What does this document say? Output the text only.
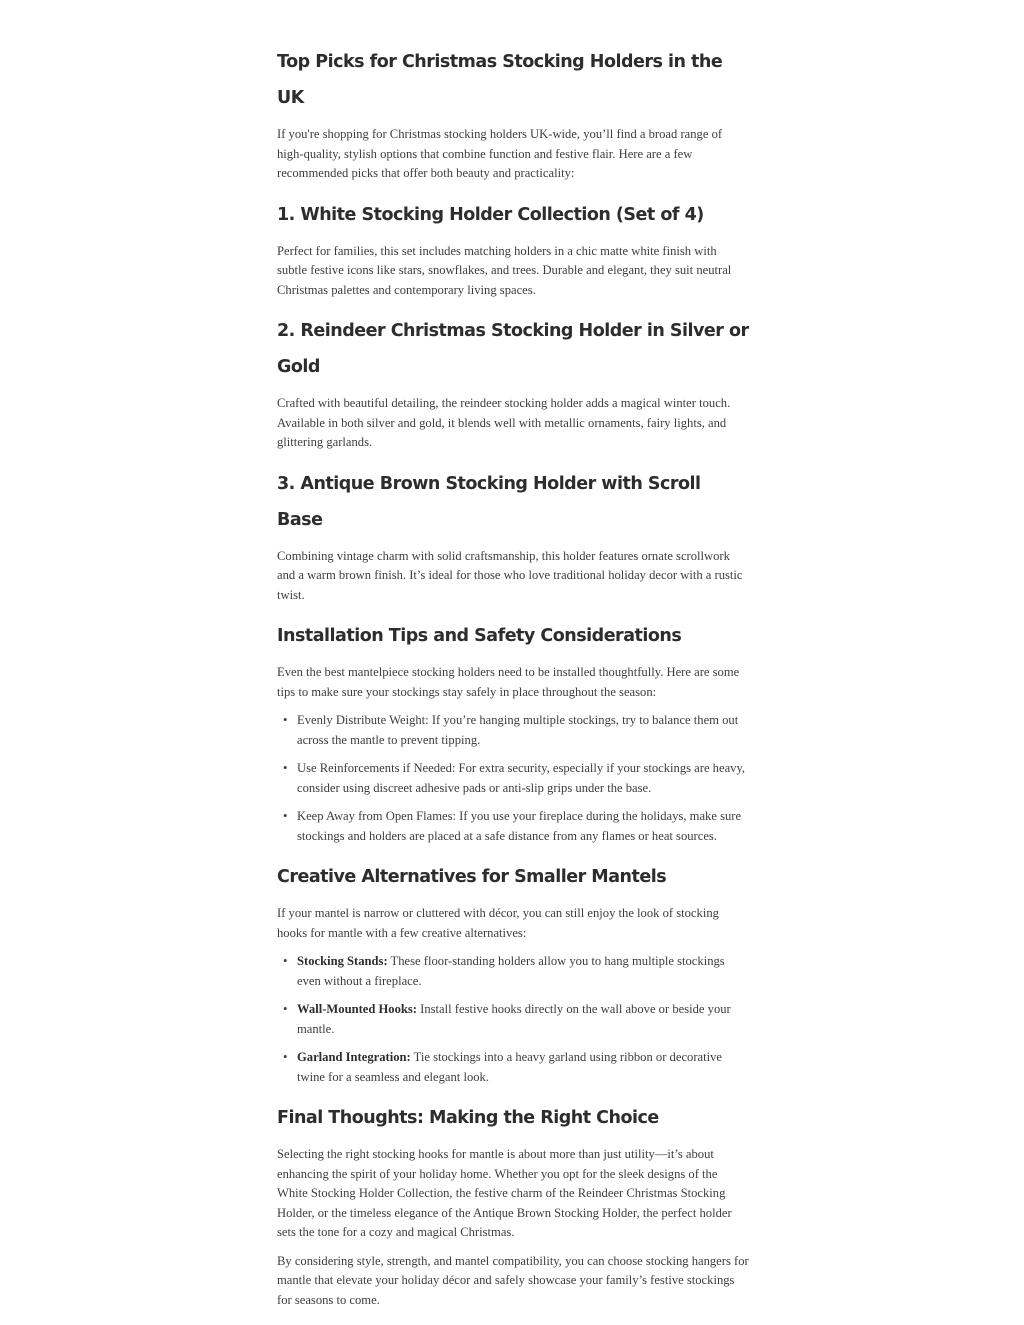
Top Picks for Christmas Stocking Holders in the UK

If you're shopping for Christmas stocking holders UK-wide, you’ll find a broad range of high-quality, stylish options that combine function and festive flair. Here are a few recommended picks that offer both beauty and practicality:

1. White Stocking Holder Collection (Set of 4)

Perfect for families, this set includes matching holders in a chic matte white finish with subtle festive icons like stars, snowflakes, and trees. Durable and elegant, they suit neutral Christmas palettes and contemporary living spaces.

2. Reindeer Christmas Stocking Holder in Silver or Gold

Crafted with beautiful detailing, the reindeer stocking holder adds a magical winter touch. Available in both silver and gold, it blends well with metallic ornaments, fairy lights, and glittering garlands.

3. Antique Brown Stocking Holder with Scroll Base

Combining vintage charm with solid craftsmanship, this holder features ornate scrollwork and a warm brown finish. It’s ideal for those who love traditional holiday decor with a rustic twist.

Installation Tips and Safety Considerations

Even the best mantelpiece stocking holders need to be installed thoughtfully. Here are some tips to make sure your stockings stay safely in place throughout the season:

• Evenly Distribute Weight: If you’re hanging multiple stockings, try to balance them out across the mantle to prevent tipping.
• Use Reinforcements if Needed: For extra security, especially if your stockings are heavy, consider using discreet adhesive pads or anti-slip grips under the base.
• Keep Away from Open Flames: If you use your fireplace during the holidays, make sure stockings and holders are placed at a safe distance from any flames or heat sources.
Creative Alternatives for Smaller Mantels

If your mantel is narrow or cluttered with décor, you can still enjoy the look of stocking hooks for mantle with a few creative alternatives:

• Stocking Stands: These floor-standing holders allow you to hang multiple stockings even without a fireplace.
• Wall-Mounted Hooks: Install festive hooks directly on the wall above or beside your mantle.
• Garland Integration: Tie stockings into a heavy garland using ribbon or decorative twine for a seamless and elegant look.
Final Thoughts: Making the Right Choice

Selecting the right stocking hooks for mantle is about more than just utility—it’s about enhancing the spirit of your holiday home. Whether you opt for the sleek designs of the White Stocking Holder Collection, the festive charm of the Reindeer Christmas Stocking Holder, or the timeless elegance of the Antique Brown Stocking Holder, the perfect holder sets the tone for a cozy and magical Christmas.

By considering style, strength, and mantel compatibility, you can choose stocking hangers for mantle that elevate your holiday décor and safely showcase your family’s festive stockings for seasons to come.
